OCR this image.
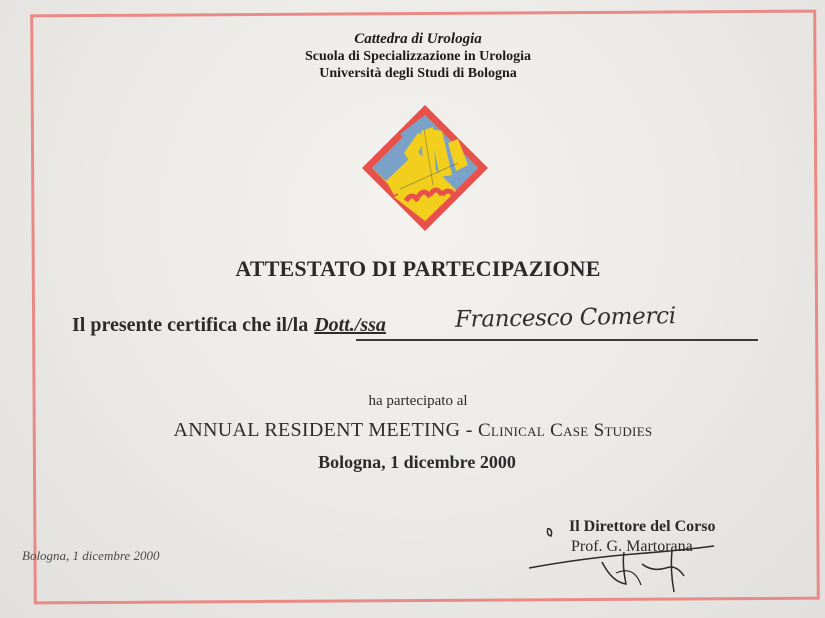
Cattedra di Urologia
Scuola di Specializzazione in Urologia
Università degli Studi di Bologna
ATTESTATO DI PARTECIPAZIONE
Il presente certifica che il/la Dott./ssa	Francesco Comerci
ha partecipato al
ANNUAL RESIDENT MEETING - Clinical Case Studies
Bologna, 1 dicembre 2000
Bologna, 1 dicembre 2000
Il Direttore del Corso
Prof. G. Martorana
